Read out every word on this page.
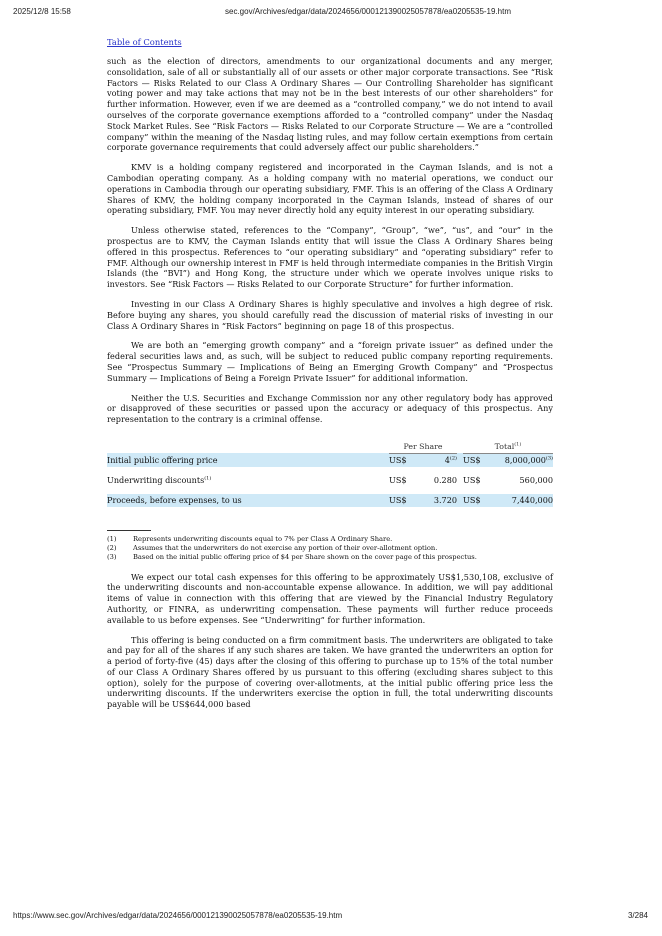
2025/12/8 15:58	sec.gov/Archives/edgar/data/2024656/000121390025057878/ea0205535-19.htm
Table of Contents

such as the election of directors, amendments to our organizational documents and any merger, consolidation, sale of all or substantially all of our assets or other major corporate transactions. See “Risk Factors — Risks Related to our Class A Ordinary Shares — Our Controlling Shareholder has significant voting power and may take actions that may not be in the best interests of our other shareholders” for further information. However, even if we are deemed as a “controlled company,” we do not intend to avail ourselves of the corporate governance exemptions afforded to a “controlled company” under the Nasdaq Stock Market Rules. See “Risk Factors — Risks Related to our Corporate Structure — We are a “controlled company” within the meaning of the Nasdaq listing rules, and may follow certain exemptions from certain corporate governance requirements that could adversely affect our public shareholders.”

KMV is a holding company registered and incorporated in the Cayman Islands, and is not a Cambodian operating company. As a holding company with no material operations, we conduct our operations in Cambodia through our operating subsidiary, FMF. This is an offering of the Class A Ordinary Shares of KMV, the holding company incorporated in the Cayman Islands, instead of shares of our operating subsidiary, FMF. You may never directly hold any equity interest in our operating subsidiary.

Unless otherwise stated, references to the “Company”, “Group”, “we”, “us”, and “our” in the prospectus are to KMV, the Cayman Islands entity that will issue the Class A Ordinary Shares being offered in this prospectus. References to “our operating subsidiary” and “operating subsidiary” refer to FMF. Although our ownership interest in FMF is held through intermediate companies in the British Virgin Islands (the “BVI”) and Hong Kong, the structure under which we operate involves unique risks to investors. See “Risk Factors — Risks Related to our Corporate Structure” for further information.

Investing in our Class A Ordinary Shares is highly speculative and involves a high degree of risk. Before buying any shares, you should carefully read the discussion of material risks of investing in our Class A Ordinary Shares in “Risk Factors” beginning on page 18 of this prospectus.

We are both an “emerging growth company” and a “foreign private issuer” as defined under the federal securities laws and, as such, will be subject to reduced public company reporting requirements. See “Prospectus Summary — Implications of Being an Emerging Growth Company” and “Prospectus Summary — Implications of Being a Foreign Private Issuer” for additional information.

Neither the U.S. Securities and Exchange Commission nor any other regulatory body has approved or disapproved of these securities or passed upon the accuracy or adequacy of this prospectus. Any representation to the contrary is a criminal offense.

	Per Share			Total$^{(1)}$
Initial public offering price	US$	4$^{(2)}$		US$	8,000,000$^{(3)}$

Underwriting discounts$^{(1)}$	US$	0.280		US$	560,000

Proceeds, before expenses, to us	US$	3.720		US$	7,440,000
(1)	Represents underwriting discounts equal to 7% per Class A Ordinary Share.
(2)	Assumes that the underwriters do not exercise any portion of their over-allotment option.
(3)	Based on the initial public offering price of $4 per Share shown on the cover page of this prospectus.

We expect our total cash expenses for this offering to be approximately US$1,530,108, exclusive of the underwriting discounts and non-accountable expense allowance. In addition, we will pay additional items of value in connection with this offering that are viewed by the Financial Industry Regulatory Authority, or FINRA, as underwriting compensation. These payments will further reduce proceeds available to us before expenses. See “Underwriting” for further information.

This offering is being conducted on a firm commitment basis. The underwriters are obligated to take and pay for all of the shares if any such shares are taken. We have granted the underwriters an option for a period of forty-five (45) days after the closing of this offering to purchase up to 15% of the total number of our Class A Ordinary Shares offered by us pursuant to this offering (excluding shares subject to this option), solely for the purpose of covering over-allotments, at the initial public offering price less the underwriting discounts. If the underwriters exercise the option in full, the total underwriting discounts payable will be US$644,000 based

https://www.sec.gov/Archives/edgar/data/2024656/000121390025057878/ea0205535-19.htm	3/284
